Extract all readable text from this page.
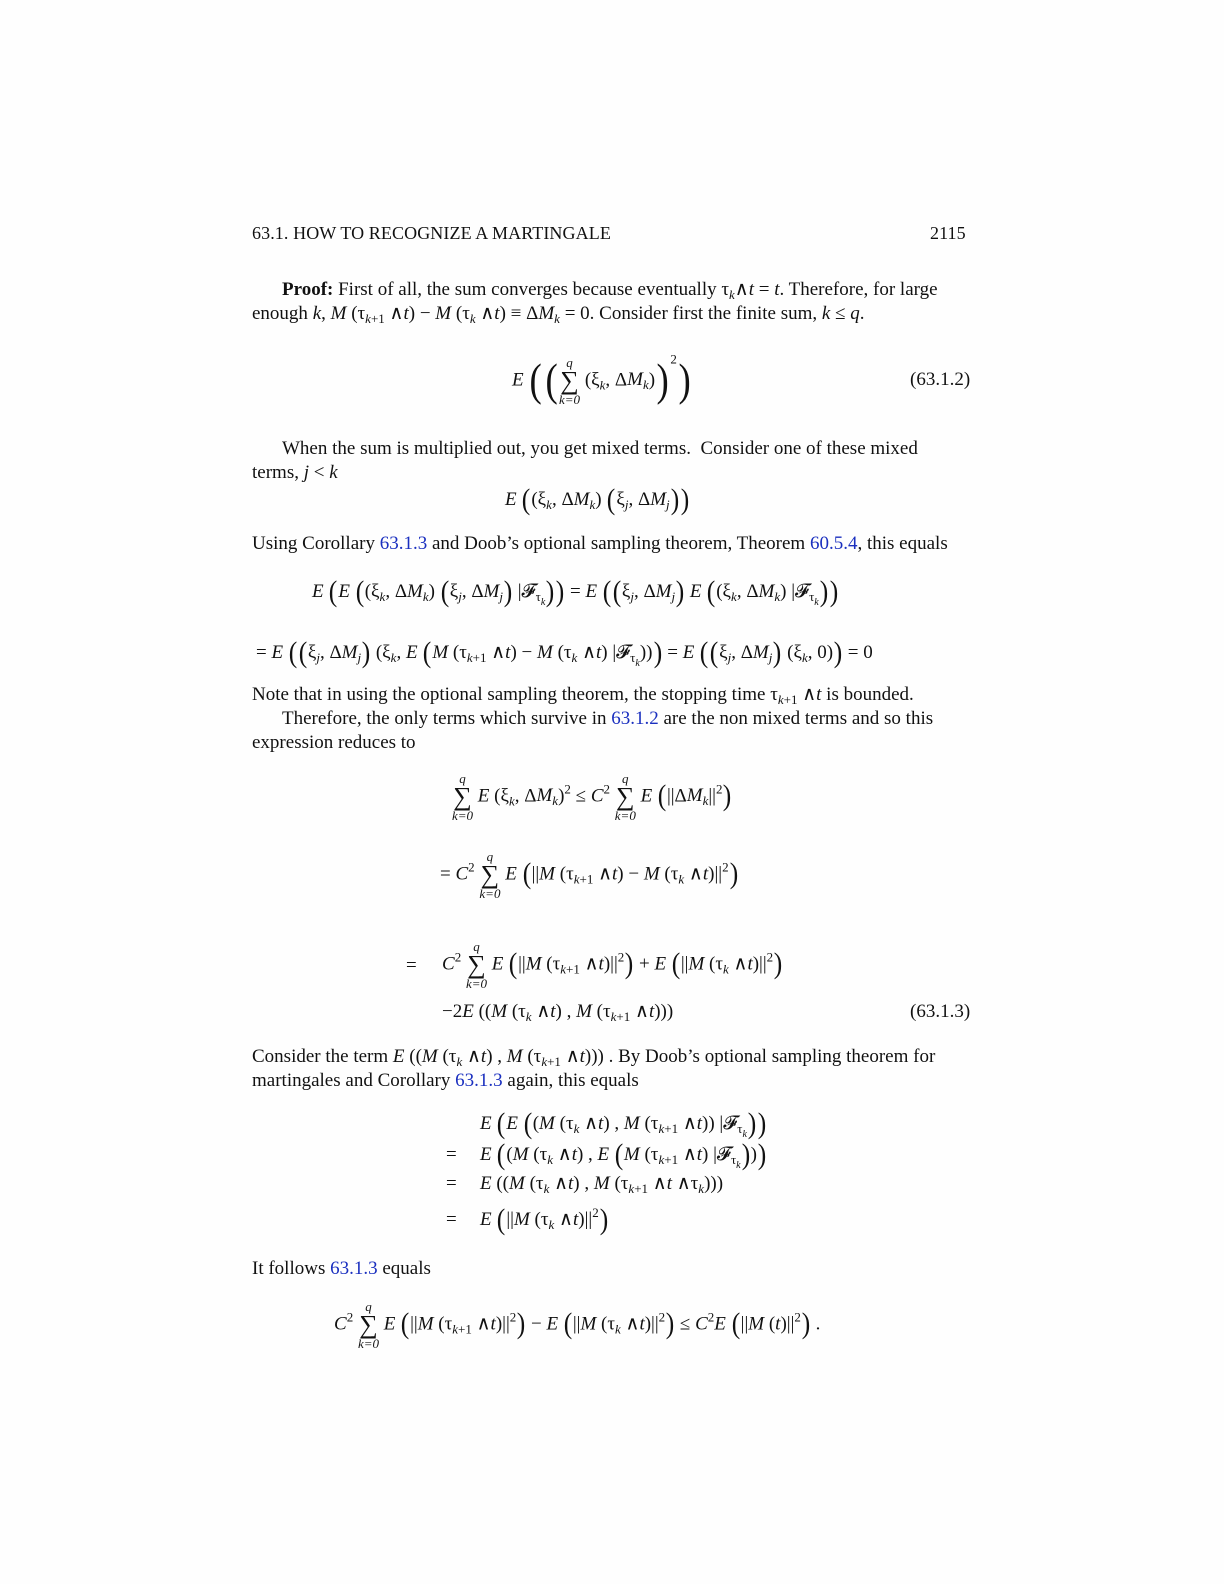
63.1. HOW TO RECOGNIZE A MARTINGALE	2115
Proof: First of all, the sum converges because eventually $\tau_k\wedge t = t$. Therefore, for large
enough k, M ($\tau_{k+1}$ ∧t) − M ($\tau_k$ ∧t) ≡ $\Delta M_k = 0$. Consider first the finite sum, k ≤ q.
E (( q
∑
k=0
($\xi_k$, $\Delta M_k$)) $^2$)	(63.1.2)
When the sum is multiplied out, you get mixed terms.  Consider one of these mixed
terms, j < k
E (($\xi_k$, $\Delta M_k$) ($\xi_j$, $\Delta M_j$))
Using Corollary 63.1.3 and Doob’s optional sampling theorem, Theorem 60.5.4, this equals
E (E (($\xi_k$, $\Delta M_k$) ($\xi_j$, $\Delta M_j$) |𝓕$_{\tau_k}$)) = E (($\xi_j$, $\Delta M_j$) E (($\xi_k$, $\Delta M_k$) |𝓕$_{\tau_k}$))
= E (($\xi_j$, $\Delta M_j$) ($\xi_k$, E (M ($\tau_{k+1}$ ∧t) − M ($\tau_k$ ∧t) |𝓕$_{\tau_k}$))) = E (($\xi_j$, $\Delta M_j$) ($\xi_k$, 0)) = 0
Note that in using the optional sampling theorem, the stopping time $\tau_{k+1}$ ∧t is bounded.
Therefore, the only terms which survive in 63.1.2 are the non mixed terms and so this
expression reduces to
q
∑
k=0
E ($\xi_k$, $\Delta M_k)^2 \le C^2$
q
∑
k=0
E $(||\Delta M_k||^2)$
= $C^2$
q
∑
k=0
E (||M ($\tau_{k+1}$ ∧t) − M ($\tau_k$ $\wedge t)||^2$)
= $C^2$
q
∑
k=0
E (||M ($\tau_{k+1}$ $\wedge t)||^2) + E$ (||M ($\tau_k$ $\wedge t)||^2$)
−2E ((M ($\tau_k$ ∧t) , M ($\tau_{k+1}$ ∧t)))	(63.1.3)
Consider the term E ((M ($\tau_k$ ∧t) , M ($\tau_{k+1}$ ∧t))) . By Doob’s optional sampling theorem for
martingales and Corollary 63.1.3 again, this equals
E (E ((M ($\tau_k$ ∧t) , M ($\tau_{k+1}$ ∧t)) |𝓕$_{\tau_k}$))
= E ((M ($\tau_k$ ∧t) , E (M ($\tau_{k+1}$ ∧t) |𝓕$_{\tau_k}$)))
= E ((M ($\tau_k$ ∧t) , M ($\tau_{k+1}$ ∧t $\wedge\tau_k$)))
= E (||M ($\tau_k$ $\wedge t)||^2$)
It follows 63.1.3 equals
$C^2$
q
∑
k=0
E (||M ($\tau_{k+1}$ $\wedge t)||^2) - E$ (||M ($\tau_k$ $\wedge t)||^2) \le C^2E$ (||M $(t)||^2$) .
